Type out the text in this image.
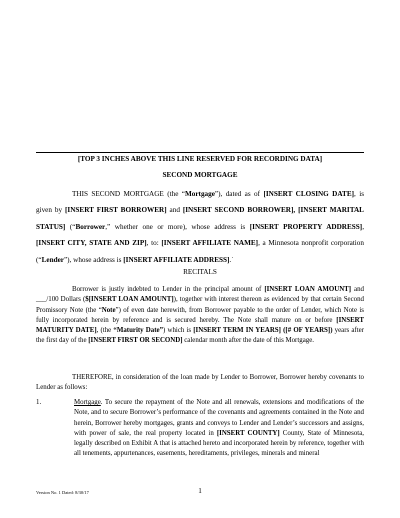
[TOP 3 INCHES ABOVE THIS LINE RESERVED FOR RECORDING DATA]
SECOND MORTGAGE
THIS SECOND MORTGAGE (the “Mortgage”), dated as of [INSERT CLOSING DATE], is given by [INSERT FIRST BORROWER] and [INSERT SECOND BORROWER], [INSERT MARITAL STATUS] (“Borrower,” whether one or more), whose address is [INSERT PROPERTY ADDRESS], [INSERT CITY, STATE AND ZIP], to: [INSERT AFFILIATE NAME], a Minnesota nonprofit corporation (“Lender”), whose address is [INSERT AFFILIATE ADDRESS].˙
RECITALS
Borrower is justly indebted to Lender in the principal amount of [INSERT LOAN AMOUNT] and ___/100 Dollars ($[INSERT LOAN AMOUNT]), together with interest thereon as evidenced by that certain Second Promissory Note (the “Note”) of even date herewith, from Borrower payable to the order of Lender, which Note is fully incorporated herein by reference and is secured hereby. The Note shall mature on or before [INSERT MATURITY DATE], (the “Maturity Date”) which is [INSERT TERM IN YEARS] ([# OF YEARS]) years after the first day of the [INSERT FIRST OR SECOND] calendar month after the date of this Mortgage.
THEREFORE, in consideration of the loan made by Lender to Borrower, Borrower hereby covenants to Lender as follows:
1.	Mortgage. To secure the repayment of the Note and all renewals, extensions and modifications of the Note, and to secure Borrower’s performance of the covenants and agreements contained in the Note and herein, Borrower hereby mortgages, grants and conveys to Lender and Lender’s successors and assigns, with power of sale, the real property located in [INSERT COUNTY] County, State of Minnesota, legally described on Exhibit A that is attached hereto and incorporated herein by reference, together with all tenements, appurtenances, easements, hereditaments, privileges, minerals and mineral
Version No. 1 Dated: 8/30/17	1
